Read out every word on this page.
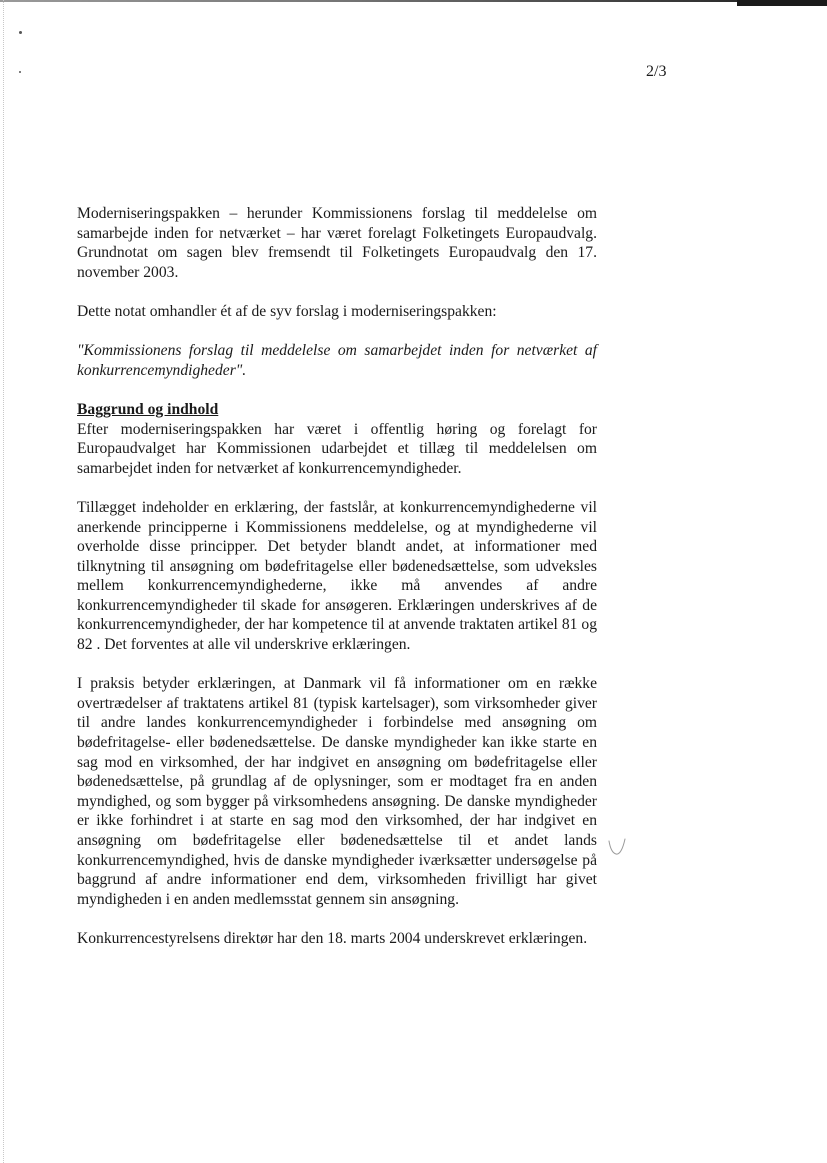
2/3

Moderniseringspakken – herunder Kommissionens forslag til meddelelse om samarbejde inden for netværket – har været forelagt Folketingets Europaudvalg. Grundnotat om sagen blev fremsendt til Folketingets Europaudvalg den 17. november 2003.

Dette notat omhandler ét af de syv forslag i moderniseringspakken:

"Kommissionens forslag til meddelelse om samarbejdet inden for netværket af konkurrencemyndigheder".

Baggrund og indhold

Efter moderniseringspakken har været i offentlig høring og forelagt for Europaudvalget har Kommissionen udarbejdet et tillæg til meddelelsen om samarbejdet inden for netværket af konkurrencemyndigheder.

Tillægget indeholder en erklæring, der fastslår, at konkurrencemyndighederne vil anerkende principperne i Kommissionens meddelelse, og at myndighederne vil overholde disse principper. Det betyder blandt andet, at informationer med tilknytning til ansøgning om bødefritagelse eller bødenedsættelse, som udveksles mellem konkurrencemyndighederne, ikke må anvendes af andre konkurrencemyndigheder til skade for ansøgeren. Erklæringen underskrives af de konkurrencemyndigheder, der har kompetence til at anvende traktaten artikel 81 og 82 . Det forventes at alle vil underskrive erklæringen.

I praksis betyder erklæringen, at Danmark vil få informationer om en række overtrædelser af traktatens artikel 81 (typisk kartelsager), som virksomheder giver til andre landes konkurrencemyndigheder i forbindelse med ansøgning om bødefritagelse- eller bødenedsættelse. De danske myndigheder kan ikke starte en sag mod en virksomhed, der har indgivet en ansøgning om bødefritagelse eller bødenedsættelse, på grundlag af de oplysninger, som er modtaget fra en anden myndighed, og som bygger på virksomhedens ansøgning. De danske myndigheder er ikke forhindret i at starte en sag mod den virksomhed, der har indgivet en ansøgning om bødefritagelse eller bødenedsættelse til et andet lands konkurrencemyndighed, hvis de danske myndigheder iværksætter undersøgelse på baggrund af andre informationer end dem, virksomheden frivilligt har givet myndigheden i en anden medlemsstat gennem sin ansøgning.

Konkurrencestyrelsens direktør har den 18. marts 2004 underskrevet erklæringen.
